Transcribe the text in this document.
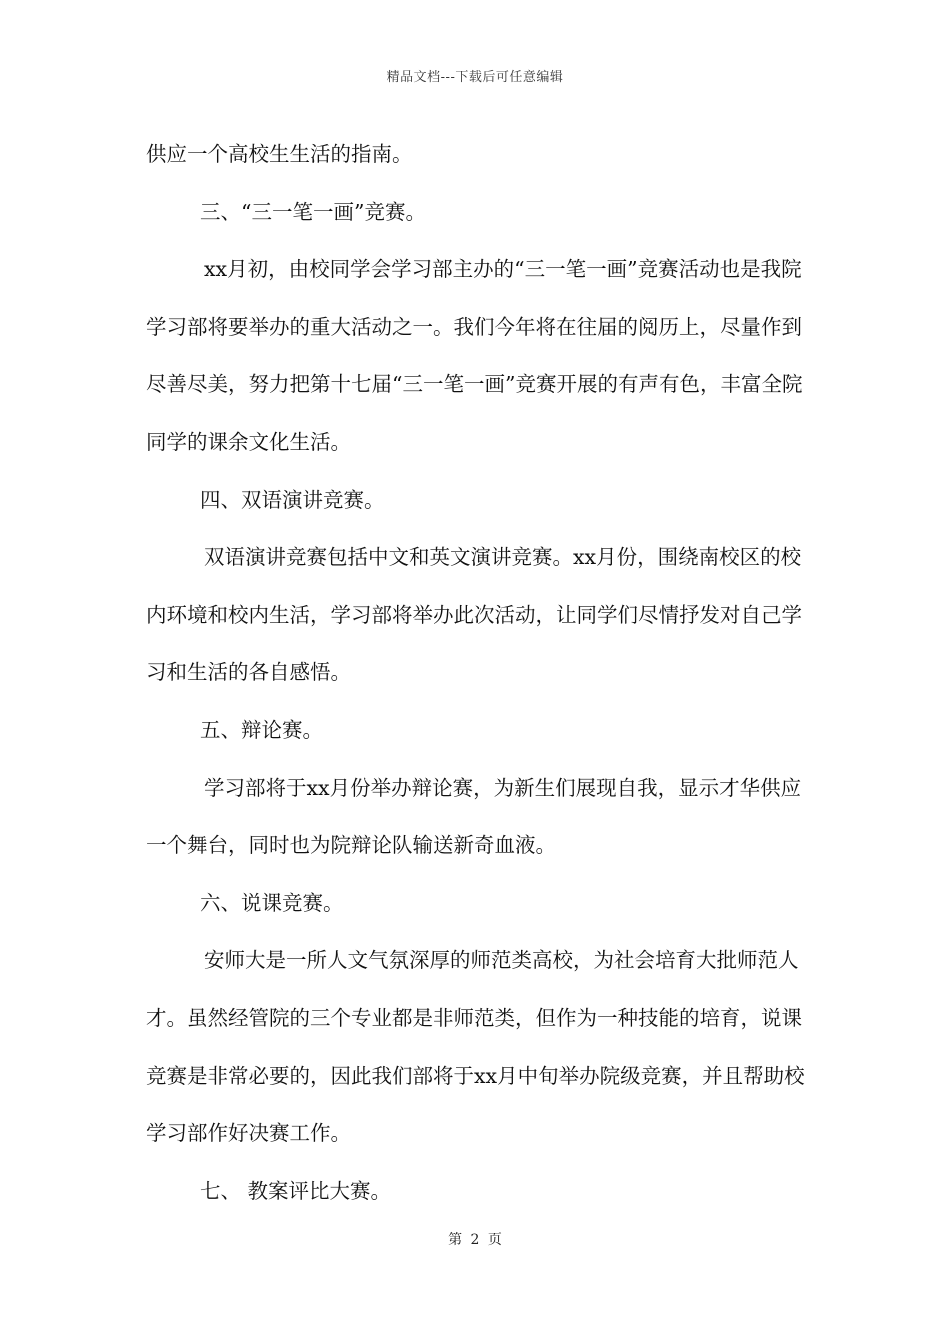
精品文档---下载后可任意编辑

供应一个高校生生活的指南。

三、“三一笔一画”竞赛。

xx月初，由校同学会学习部主办的“三一笔一画”竞赛活动也是我院学习部将要举办的重大活动之一。我们今年将在往届的阅历上，尽量作到尽善尽美，努力把第十七届“三一笔一画”竞赛开展的有声有色，丰富全院同学的课余文化生活。

四、双语演讲竞赛。

双语演讲竞赛包括中文和英文演讲竞赛。xx月份，围绕南校区的校内环境和校内生活，学习部将举办此次活动，让同学们尽情抒发对自己学习和生活的各自感悟。

五、辩论赛。

学习部将于xx月份举办辩论赛，为新生们展现自我，显示才华供应一个舞台，同时也为院辩论队输送新奇血液。

六、说课竞赛。

安师大是一所人文气氛深厚的师范类高校，为社会培育大批师范人才。虽然经管院的三个专业都是非师范类，但作为一种技能的培育，说课竞赛是非常必要的，因此我们部将于xx月中旬举办院级竞赛，并且帮助校学习部作好决赛工作。

七、 教案评比大赛。

第 2 页
